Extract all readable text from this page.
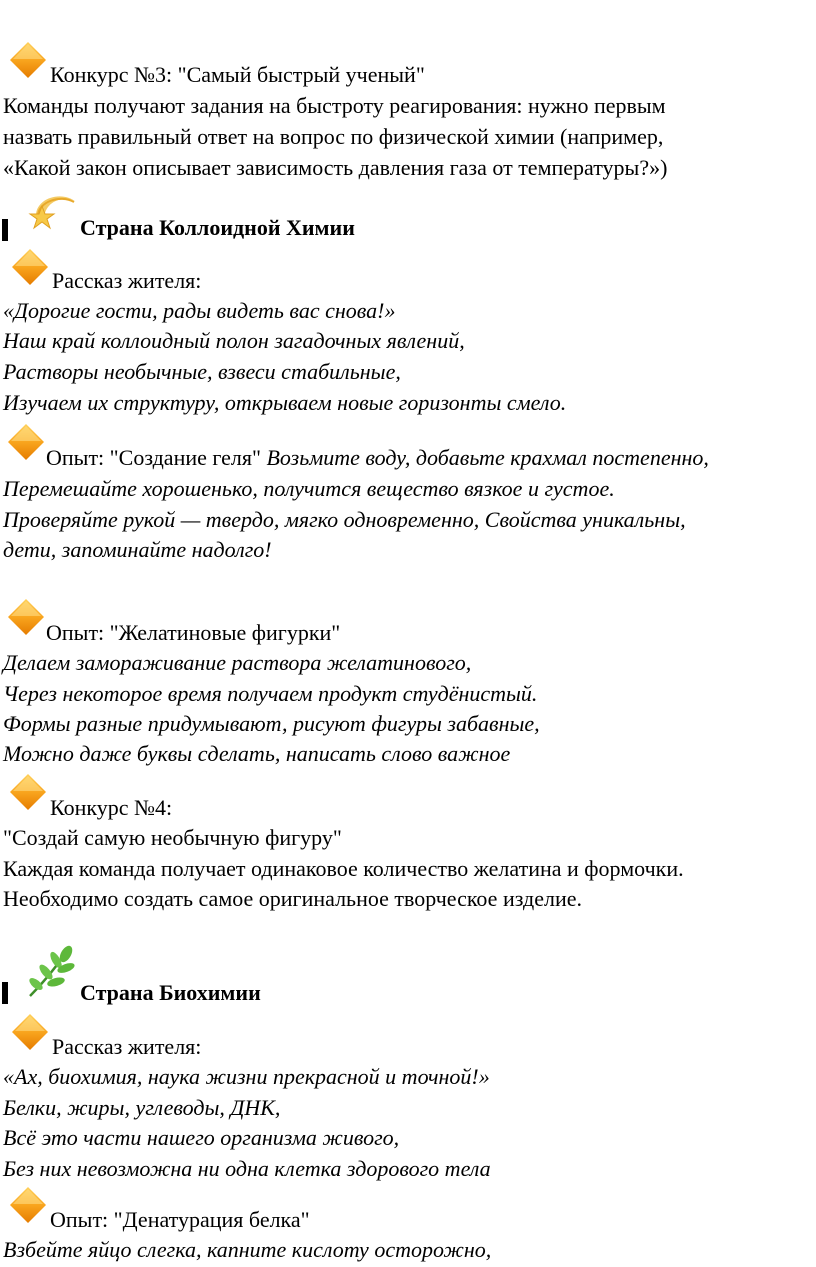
Конкурс №3: "Самый быстрый ученый"
Команды получают задания на быстроту реагирования: нужно первым
назвать правильный ответ на вопрос по физической химии (например,
«Какой закон описывает зависимость давления газа от температуры?»)
Страна Коллоидной Химии
Рассказ жителя:
«Дорогие гости, рады видеть вас снова!»
Наш край коллоидный полон загадочных явлений,
Растворы необычные, взвеси стабильные,
Изучаем их структуру, открываем новые горизонты смело.
Опыт: "Создание геля" Возьмите воду, добавьте крахмал постепенно,
Перемешайте хорошенько, получится вещество вязкое и густое.
Проверяйте рукой — твердо, мягко одновременно, Свойства уникальны,
дети, запоминайте надолго!
Опыт: "Желатиновые фигурки"
Делаем замораживание раствора желатинового,
Через некоторое время получаем продукт студёнистый.
Формы разные придумывают, рисуют фигуры забавные,
Можно даже буквы сделать, написать слово важное
Конкурс №4:
"Создай самую необычную фигуру"
Каждая команда получает одинаковое количество желатина и формочки.
Необходимо создать самое оригинальное творческое изделие.
Страна Биохимии
Рассказ жителя:
«Ах, биохимия, наука жизни прекрасной и точной!»
Белки, жиры, углеводы, ДНК,
Всё это части нашего организма живого,
Без них невозможна ни одна клетка здорового тела
Опыт: "Денатурация белка"
Взбейте яйцо слегка, капните кислоту осторожно,
